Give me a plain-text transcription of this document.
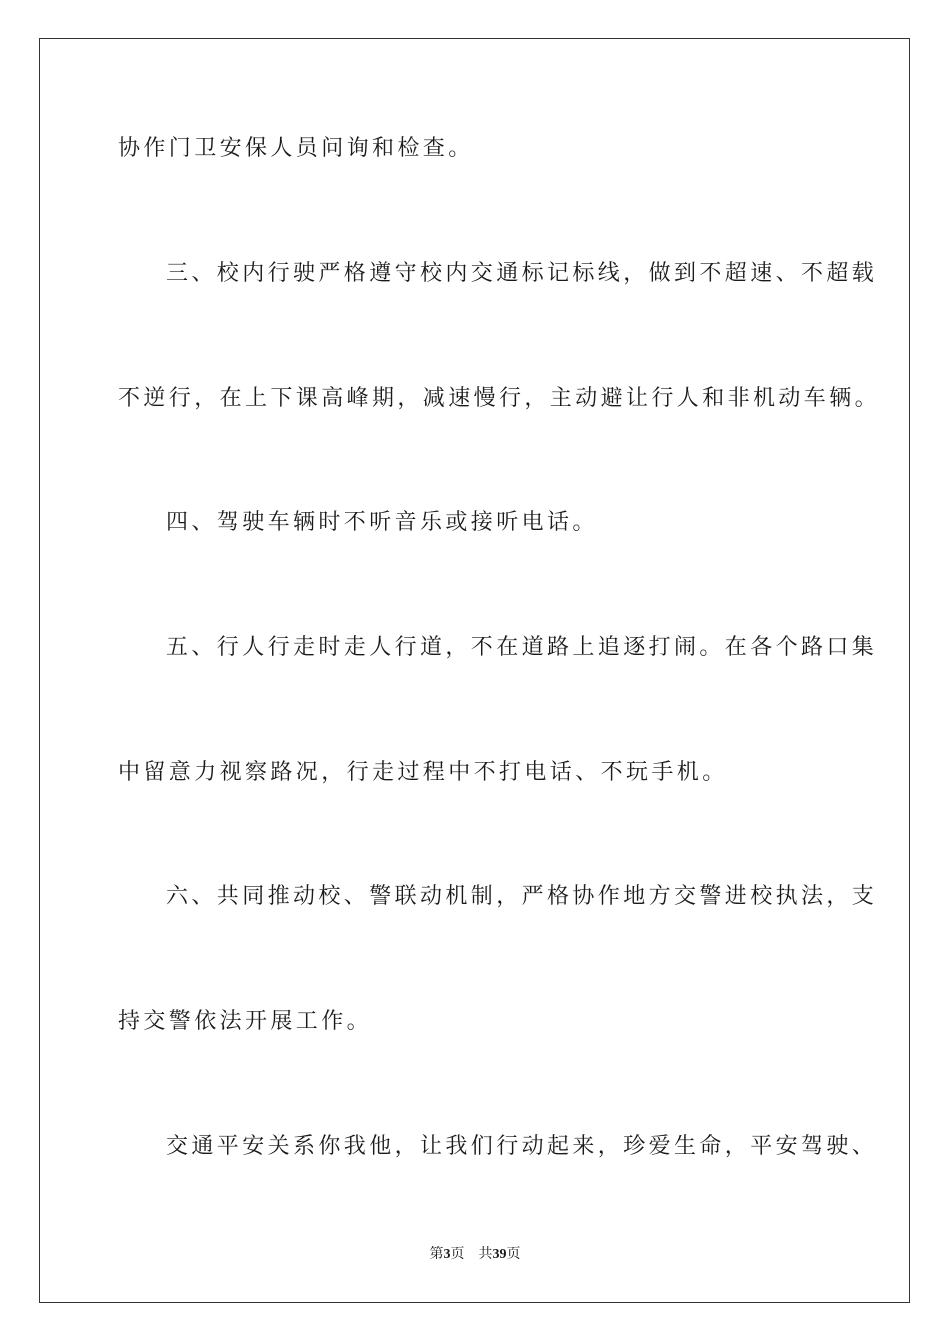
协作门卫安保人员问询和检查。
三、校内行驶严格遵守校内交通标记标线，做到不超速、不超载
不逆行，在上下课高峰期，减速慢行，主动避让行人和非机动车辆。
四、驾驶车辆时不听音乐或接听电话。
五、行人行走时走人行道，不在道路上追逐打闹。在各个路口集
中留意力视察路况，行走过程中不打电话、不玩手机。
六、共同推动校、警联动机制，严格协作地方交警进校执法，支
持交警依法开展工作。
交通平安关系你我他，让我们行动起来，珍爱生命，平安驾驶、
第3页 共39页
